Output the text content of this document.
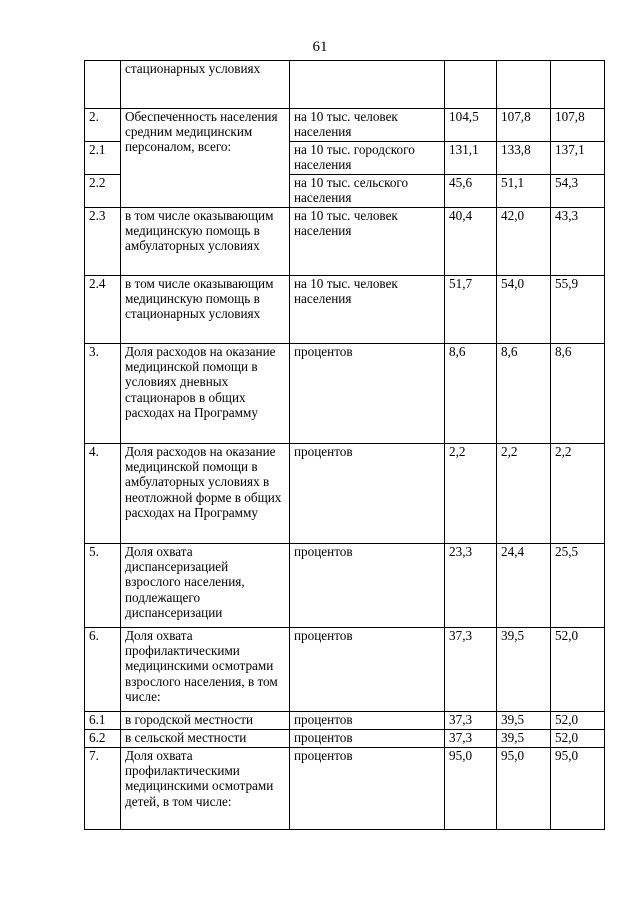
61
	стационарных условиях				
2.	Обеспеченность населения средним медицинским персоналом, всего:	на 10 тыс. человек населения	104,5	107,8	107,8
2.1		на 10 тыс. городского населения	131,1	133,8	137,1
2.2		на 10 тыс. сельского населения	45,6	51,1	54,3
2.3	в том числе оказывающим медицинскую помощь в амбулаторных условиях	на 10 тыс. человек населения	40,4	42,0	43,3
2.4	в том числе оказывающим медицинскую помощь в стационарных условиях	на 10 тыс. человек населения	51,7	54,0	55,9
3.	Доля расходов на оказание медицинской помощи в условиях дневных стационаров в общих расходах на Программу	процентов	8,6	8,6	8,6
4.	Доля расходов на оказание медицинской помощи в амбулаторных условиях в неотложной форме в общих расходах на Программу	процентов	2,2	2,2	2,2
5.	Доля охвата диспансеризацией взрослого населения, подлежащего диспансеризации	процентов	23,3	24,4	25,5
6.	Доля охвата профилактическими медицинскими осмотрами взрослого населения, в том числе:	процентов	37,3	39,5	52,0
6.1	в городской местности	процентов	37,3	39,5	52,0
6.2	в сельской местности	процентов	37,3	39,5	52,0
7.	Доля охвата профилактическими медицинскими осмотрами детей, в том числе:	процентов	95,0	95,0	95,0
